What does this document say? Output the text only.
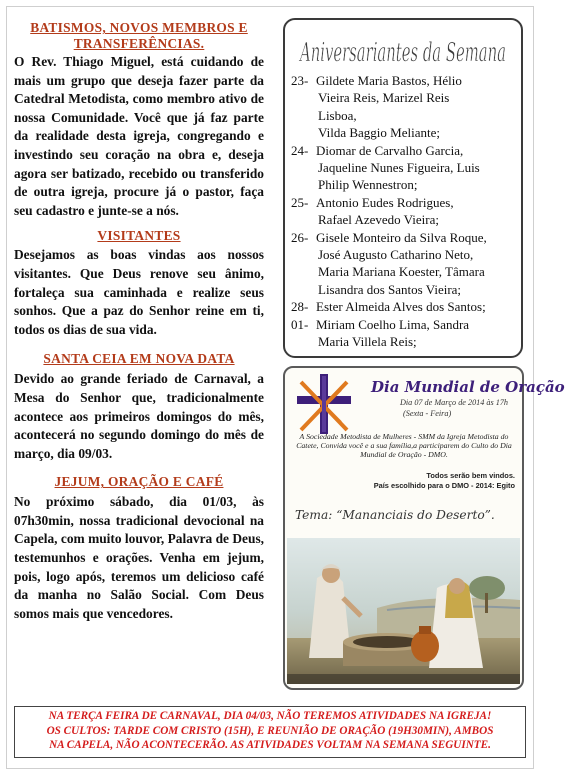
BATISMOS, NOVOS MEMBROS E

TRANSFERÊNCIAS.

O Rev. Thiago Miguel, está cuidando de mais um grupo que deseja fazer parte da Catedral Metodista, como membro ativo de nossa Comunidade. Você que já faz parte da realidade desta igreja, congregando e investindo seu coração na obra e, deseja agora ser batizado, recebido ou transferido de outra igreja, procure já o pastor, faça seu cadastro e junte-se a nós.

VISITANTES

Desejamos as boas vindas aos nossos visitantes. Que Deus renove seu ânimo, fortaleça sua caminhada e realize seus sonhos. Que a paz do Senhor reine em ti, todos os dias de sua vida.

SANTA CEIA EM NOVA DATA

Devido ao grande feriado de Carnaval, a Mesa do Senhor que, tradicionalmente acontece aos primeiros domingos do mês, acontecerá no segundo domingo do mês de março, dia 09/03.

JEJUM, ORAÇÃO E CAFÉ

No próximo sábado, dia 01/03, às 07h30min, nossa tradicional devocional na Capela, com muito louvor, Palavra de Deus, testemunhos e orações. Venha em jejum, pois, logo após, teremos um delicioso café da manha no Salão Social. Com Deus somos mais que vencedores.

Aniversariantes da Semana
23- Gildete Maria Bastos, Hélio
Vieira Reis, Marizel Reis
Lisboa,
Vilda Baggio Meliante;
24- Diomar de Carvalho Garcia,
Jaqueline Nunes Figueira, Luis
Philip Wennestron;
25- Antonio Eudes Rodrigues,
Rafael Azevedo Vieira;
26- Gisele Monteiro da Silva Roque,
José Augusto Catharino Neto,
Maria Mariana Koester, Tâmara
Lisandra dos Santos Vieira;
28- Ester Almeida Alves dos Santos;
01- Miriam Coelho Lima, Sandra
Maria Villela Reis;
Dia Mundial de Oração
Dia 07 de Março de 2014 às 17h
(Sexta - Feira)
A Sociedade Metodista de Mulheres - SMM da Igreja Metodista do Catete, Convida você e a sua família,a participarem do Culto do Dia Mundial de Oração - DMO.
Todos serão bem vindos.
País escolhido para o DMO - 2014: Egito
Tema: “Mananciais do Deserto”.
NA TERÇA FEIRA DE CARNAVAL, DIA 04/03, NÃO TEREMOS ATIVIDADES NA IGREJA!
OS CULTOS: TARDE COM CRISTO (15H), E REUNIÃO DE ORAÇÃO (19H30MIN), AMBOS
NA CAPELA, NÃO ACONTECERÃO. AS ATIVIDADES VOLTAM NA SEMANA SEGUINTE.
